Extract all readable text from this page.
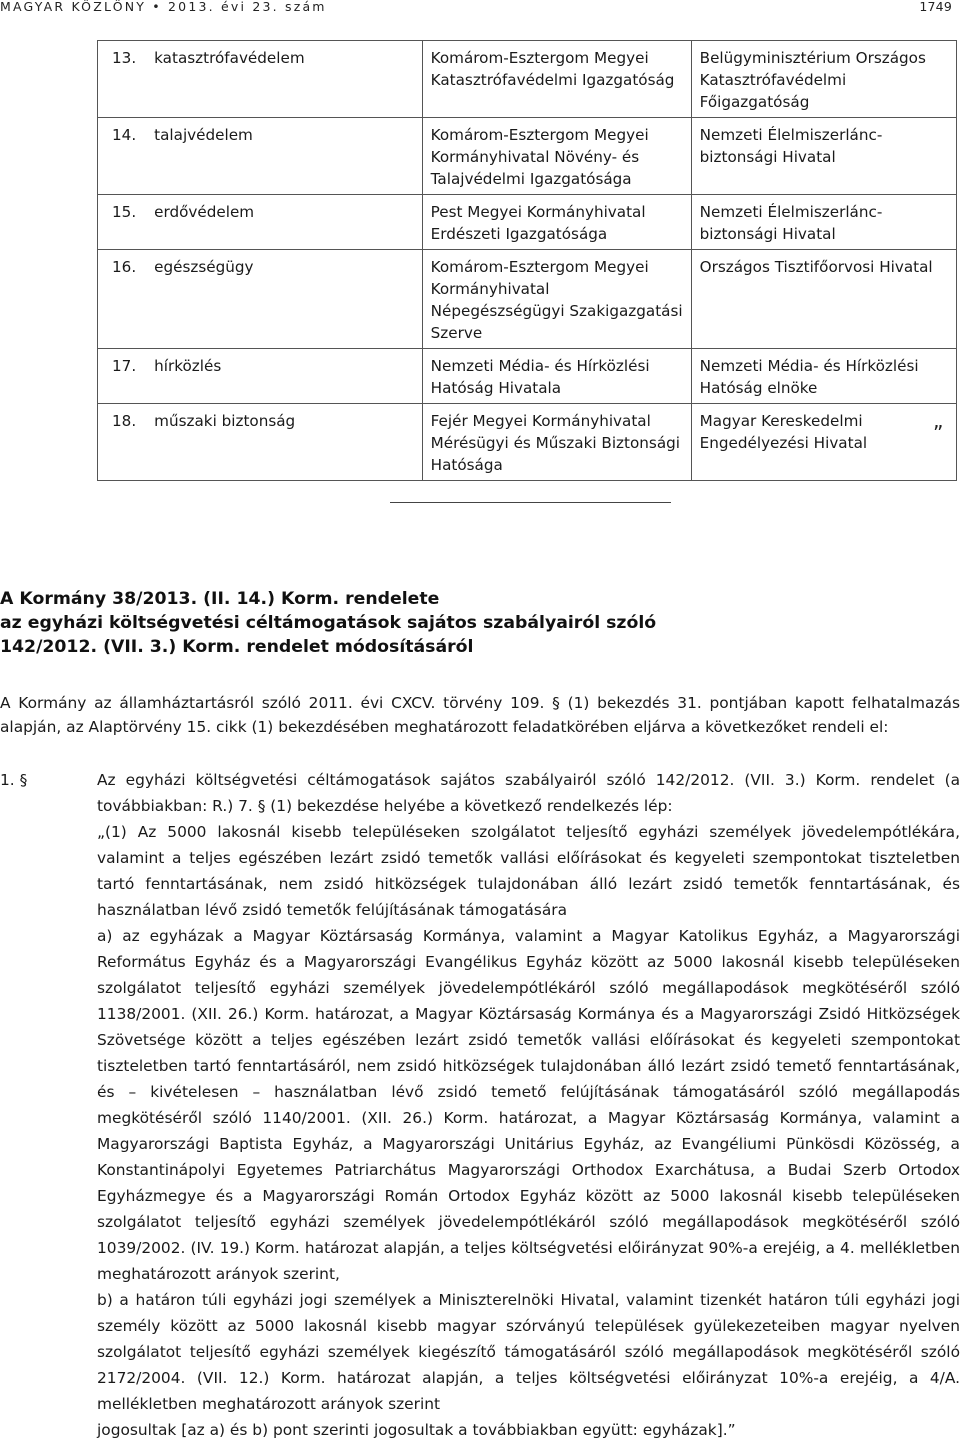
MAGYAR KÖZLÖNY • 2013. évi 23. szám	1749
13.	katasztrófavédelem	Komárom-Esztergom Megyei Katasztrófavédelmi Igazgatóság	Belügyminisztérium Országos Katasztrófavédelmi Főigazgatóság
14.	talajvédelem	Komárom-Esztergom Megyei Kormányhivatal Növény- és Talajvédelmi Igazgatósága	Nemzeti Élelmiszerlánc-biztonsági Hivatal
15.	erdővédelem	Pest Megyei Kormányhivatal Erdészeti Igazgatósága	Nemzeti Élelmiszerlánc-biztonsági Hivatal
16.	egészségügy	Komárom-Esztergom Megyei Kormányhivatal Népegészségügyi Szakigazgatási Szerve	Országos Tisztifőorvosi Hivatal
17.	hírközlés	Nemzeti Média- és Hírközlési Hatóság Hivatala	Nemzeti Média- és Hírközlési Hatóság elnöke
18.	műszaki biztonság	Fejér Megyei Kormányhivatal Mérésügyi és Műszaki Biztonsági Hatósága	Magyar Kereskedelmi Engedélyezési Hivatal	”
A Kormány 38/2013. (II. 14.) Korm. rendelete
az egyházi költségvetési céltámogatások sajátos szabályairól szóló
142/2012. (VII. 3.) Korm. rendelet módosításáról
A Kormány az államháztartásról szóló 2011. évi CXCV. törvény 109. § (1) bekezdés 31. pontjában kapott felhatalmazás alapján, az Alaptörvény 15. cikk (1) bekezdésében meghatározott feladatkörében eljárva a következőket rendeli el:
1. §	Az egyházi költségvetési céltámogatások sajátos szabályairól szóló 142/2012. (VII. 3.) Korm. rendelet (a továbbiakban: R.) 7. § (1) bekezdése helyébe a következő rendelkezés lép:

„(1) Az 5000 lakosnál kisebb településeken szolgálatot teljesítő egyházi személyek jövedelempótlékára, valamint a teljes egészében lezárt zsidó temetők vallási előírásokat és kegyeleti szempontokat tiszteletben tartó fenntartásának, nem zsidó hitközségek tulajdonában álló lezárt zsidó temetők fenntartásának, és használatban lévő zsidó temetők felújításának támogatására

a) az egyházak a Magyar Köztársaság Kormánya, valamint a Magyar Katolikus Egyház, a Magyarországi Református Egyház és a Magyarországi Evangélikus Egyház között az 5000 lakosnál kisebb településeken szolgálatot teljesítő egyházi személyek jövedelempótlékáról szóló megállapodások megkötéséről szóló 1138/2001. (XII. 26.) Korm. határozat, a Magyar Köztársaság Kormánya és a Magyarországi Zsidó Hitközségek Szövetsége között a teljes egészében lezárt zsidó temetők vallási előírásokat és kegyeleti szempontokat tiszteletben tartó fenntartásáról, nem zsidó hitközségek tulajdonában álló lezárt zsidó temető fenntartásának, és – kivételesen – használatban lévő zsidó temető felújításának támogatásáról szóló megállapodás megkötéséről szóló 1140/2001. (XII. 26.) Korm. határozat, a Magyar Köztársaság Kormánya, valamint a Magyarországi Baptista Egyház, a Magyarországi Unitárius Egyház, az Evangéliumi Pünkösdi Közösség, a Konstantinápolyi Egyetemes Patriarchátus Magyarországi Orthodox Exarchátusa, a Budai Szerb Ortodox Egyházmegye és a Magyarországi Román Ortodox Egyház között az 5000 lakosnál kisebb településeken szolgálatot teljesítő egyházi személyek jövedelempótlékáról szóló megállapodások megkötéséről szóló 1039/2002. (IV. 19.) Korm. határozat alapján, a teljes költségvetési előirányzat 90%-a erejéig, a 4. mellékletben meghatározott arányok szerint,

b) a határon túli egyházi jogi személyek a Miniszterelnöki Hivatal, valamint tizenkét határon túli egyházi jogi személy között az 5000 lakosnál kisebb magyar szórványú települések gyülekezeteiben magyar nyelven szolgálatot teljesítő egyházi személyek kiegészítő támogatásáról szóló megállapodások megkötéséről szóló 2172/2004. (VII. 12.) Korm. határozat alapján, a teljes költségvetési előirányzat 10%-a erejéig, a 4/A. mellékletben meghatározott arányok szerint

jogosultak [az a) és b) pont szerinti jogosultak a továbbiakban együtt: egyházak].”
